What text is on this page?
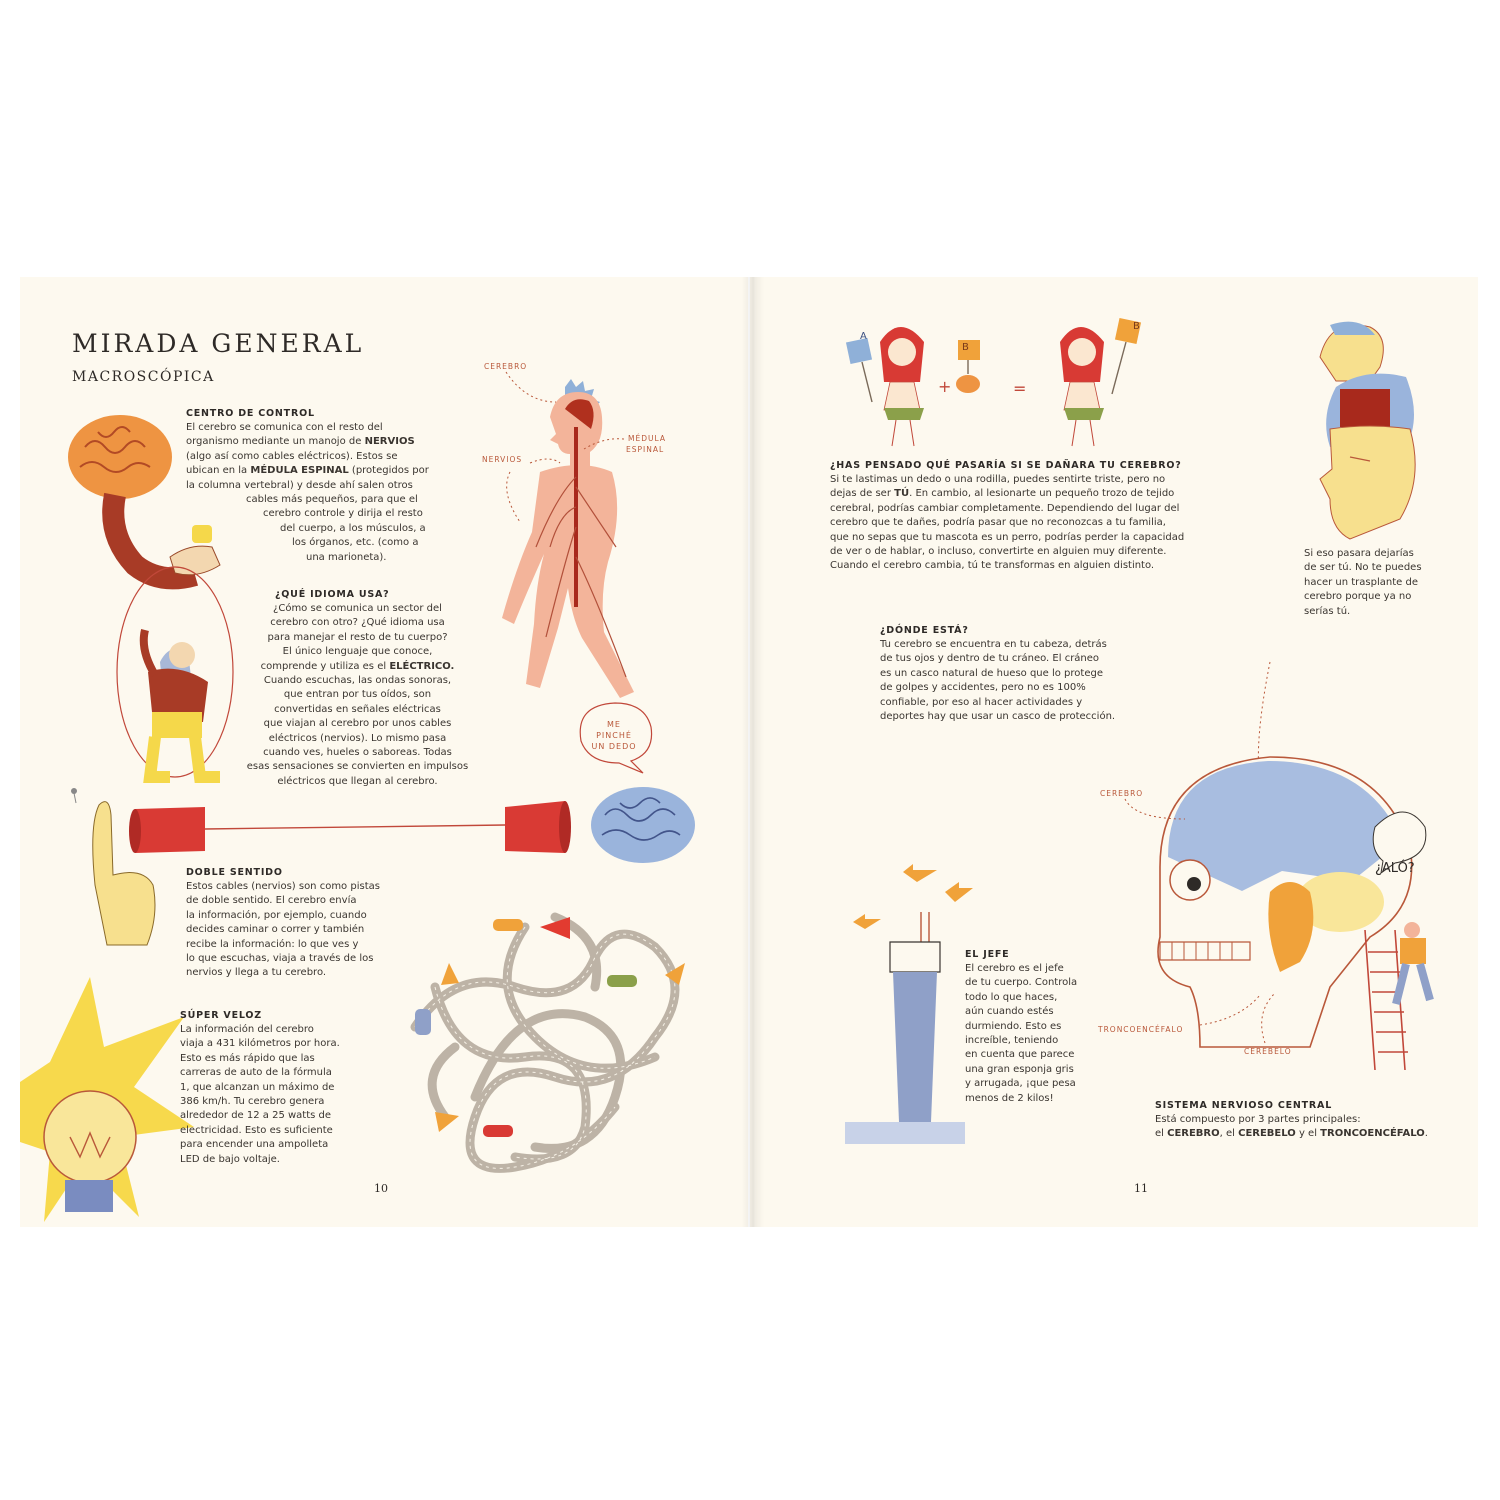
MIRADA GENERAL
MACROSCÓPICA

CENTRO DE CONTROL

El cerebro se comunica con el resto del

organismo mediante un manojo de NERVIOS

(algo así como cables eléctricos). Estos se

ubican en la MÉDULA ESPINAL (protegidos por

la columna vertebral) y desde ahí salen otros

cables más pequeños, para que el

cerebro controle y dirija el resto

del cuerpo, a los músculos, a

los órganos, etc. (como a

una marioneta).

¿QUÉ IDIOMA USA?

¿Cómo se comunica un sector del

cerebro con otro? ¿Qué idioma usa

para manejar el resto de tu cuerpo?

El único lenguaje que conoce,

comprende y utiliza es el ELÉCTRICO.

Cuando escuchas, las ondas sonoras,

que entran por tus oídos, son

convertidas en señales eléctricas

que viajan al cerebro por unos cables

eléctricos (nervios). Lo mismo pasa

cuando ves, hueles o saboreas. Todas

esas sensaciones se convierten en impulsos

eléctricos que llegan al cerebro.

CEREBRO
NERVIOS
MÉDULA
ESPINAL
ME
PINCHÉ
UN DEDO

DOBLE SENTIDO

Estos cables (nervios) son como pistas

de doble sentido. El cerebro envía

la información, por ejemplo, cuando

decides caminar o correr y también

recibe la información: lo que ves y

lo que escuchas, viaja a través de los

nervios y llega a tu cerebro.

SÚPER VELOZ

La información del cerebro

viaja a 431 kilómetros por hora.

Esto es más rápido que las

carreras de auto de la fórmula

1, que alcanzan un máximo de

386 km/h. Tu cerebro genera

alrededor de 12 a 25 watts de

electricidad. Esto es suficiente

para encender una ampolleta

LED de bajo voltaje.

10
A
B
B
+	=

¿HAS PENSADO QUÉ PASARÍA SI SE DAÑARA TU CEREBRO?

Si te lastimas un dedo o una rodilla, puedes sentirte triste, pero no

dejas de ser TÚ. En cambio, al lesionarte un pequeño trozo de tejido

cerebral, podrías cambiar completamente. Dependiendo del lugar del

cerebro que te dañes, podría pasar que no reconozcas a tu familia,

que no sepas que tu mascota es un perro, podrías perder la capacidad

de ver o de hablar, o incluso, convertirte en alguien muy diferente.

Cuando el cerebro cambia, tú te transformas en alguien distinto.

Si eso pasara dejarías

de ser tú. No te puedes

hacer un trasplante de

cerebro porque ya no

serías tú.

¿DÓNDE ESTÁ?

Tu cerebro se encuentra en tu cabeza, detrás

de tus ojos y dentro de tu cráneo. El cráneo

es un casco natural de hueso que lo protege

de golpes y accidentes, pero no es 100%

confiable, por eso al hacer actividades y

deportes hay que usar un casco de protección.

¿ALÓ?
CEREBRO
TRONCOENCÉFALO
CEREBELO

EL JEFE

El cerebro es el jefe

de tu cuerpo. Controla

todo lo que haces,

aún cuando estés

durmiendo. Esto es

increíble, teniendo

en cuenta que parece

una gran esponja gris

y arrugada, ¡que pesa

menos de 2 kilos!

SISTEMA NERVIOSO CENTRAL

Está compuesto por 3 partes principales:

el CEREBRO, el CEREBELO y el TRONCOENCÉFALO.

11
